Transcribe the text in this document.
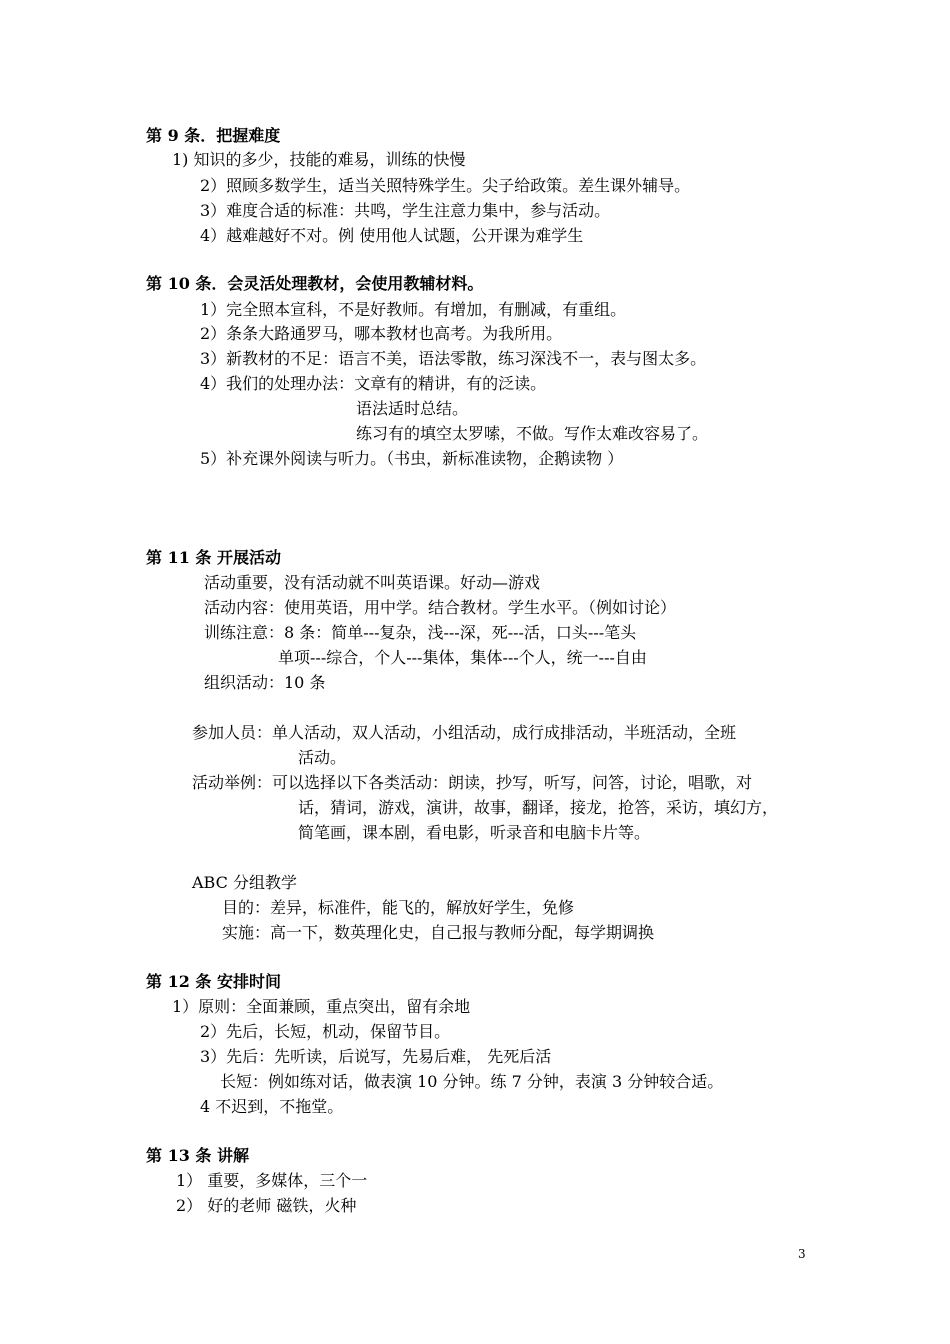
第 9 条．把握难度
1) 知识的多少，技能的难易，训练的快慢
2）照顾多数学生，适当关照特殊学生。尖子给政策。差生课外辅导。
3）难度合适的标准：共鸣，学生注意力集中，参与活动。
4）越难越好不对。例 使用他人试题，公开课为难学生
第 10 条．会灵活处理教材，会使用教辅材料。
1）完全照本宣科，不是好教师。有增加，有删减，有重组。
2）条条大路通罗马，哪本教材也高考。为我所用。
3）新教材的不足：语言不美，语法零散，练习深浅不一，表与图太多。
4）我们的处理办法：文章有的精讲，有的泛读。
语法适时总结。
练习有的填空太罗嗦，不做。写作太难改容易了。
5）补充课外阅读与听力。（书虫，新标准读物，企鹅读物 ）
第 11 条 开展活动
活动重要，没有活动就不叫英语课。好动—游戏
活动内容：使用英语，用中学。结合教材。学生水平。（例如讨论）
训练注意：8 条：简单---复杂，浅---深，死---活，口头---笔头
单项---综合，个人---集体，集体---个人，统一---自由
组织活动：10 条
参加人员：单人活动，双人活动，小组活动，成行成排活动，半班活动，全班
活动。
活动举例：可以选择以下各类活动：朗读，抄写，听写，问答，讨论，唱歌，对
话，猜词，游戏，演讲，故事，翻译，接龙，抢答，采访，填幻方，
简笔画，课本剧，看电影，听录音和电脑卡片等。
ABC 分组教学
目的：差异，标准件，能飞的，解放好学生，免修
实施：高一下，数英理化史，自己报与教师分配，每学期调换
第 12 条 安排时间
1）原则：全面兼顾，重点突出，留有余地
2）先后，长短，机动，保留节目。
3）先后：先听读，后说写，先易后难， 先死后活
长短：例如练对话，做表演 10 分钟。练 7 分钟，表演 3 分钟较合适。
4 不迟到，不拖堂。
第 13 条 讲解
1） 重要，多媒体，三个一
2） 好的老师 磁铁，火种
3
